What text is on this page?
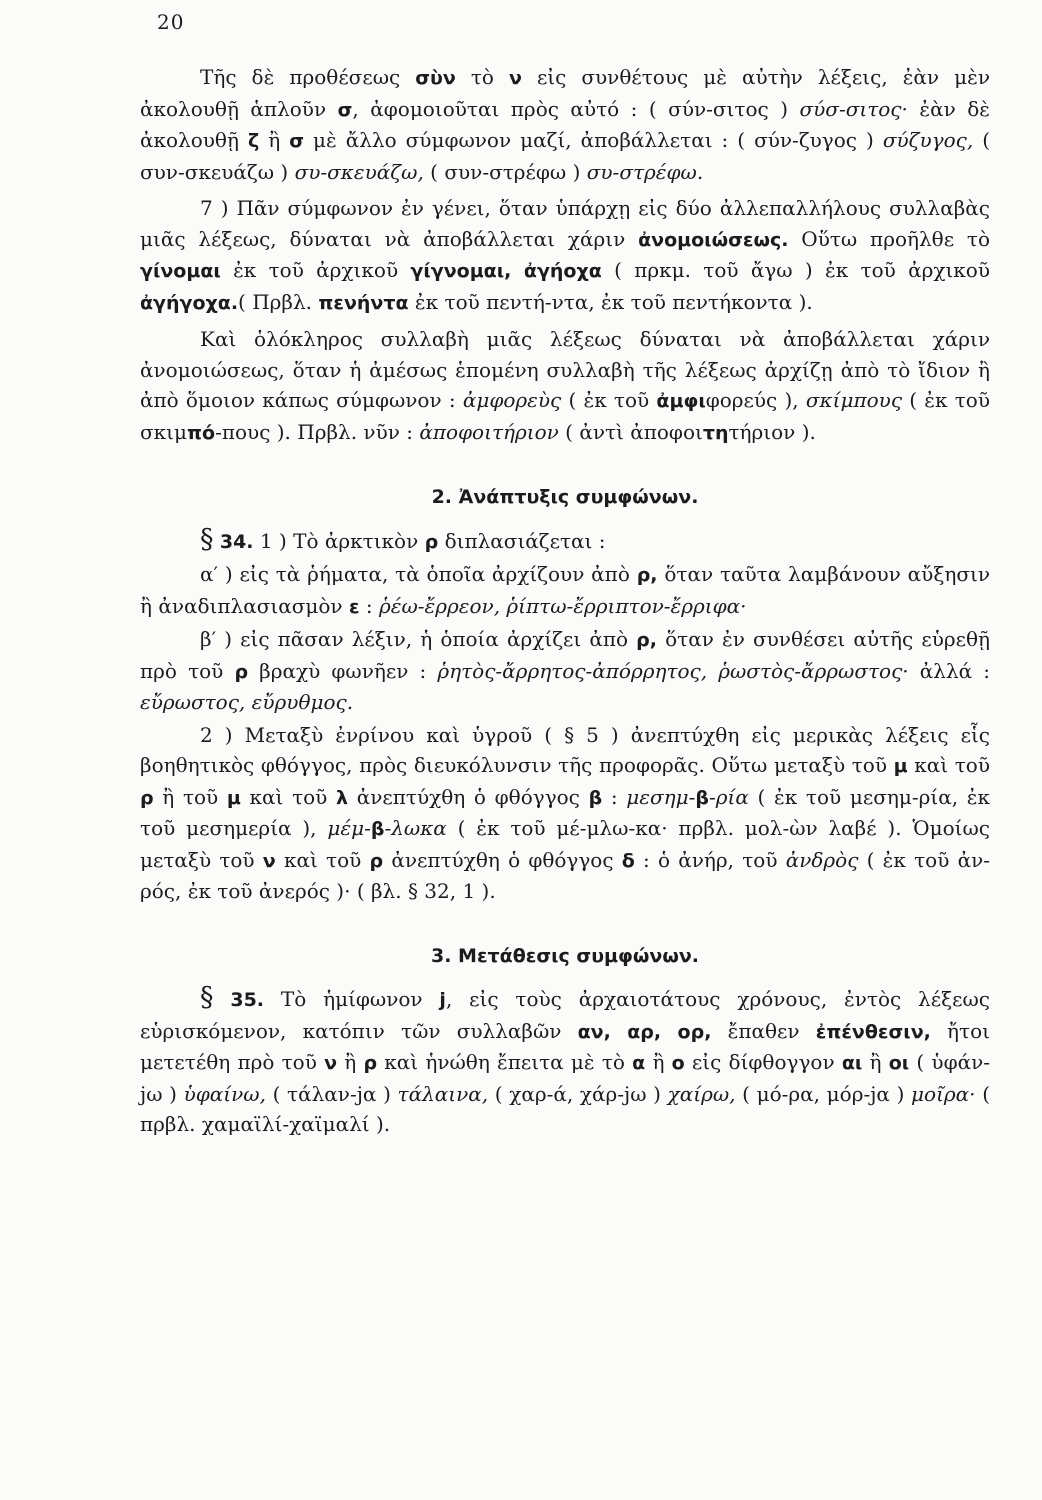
20

Τῆς δὲ προθέσεως σὺν τὸ ν εἰς συνθέτους μὲ αὐτὴν λέξεις, ἐὰν μὲν ἀκολουθῇ ἁπλοῦν σ, ἀφομοιοῦται πρὸς αὐτό : ( σύν-σιτος ) σύσ-σιτος· ἐὰν δὲ ἀκολουθῇ ζ ἢ σ μὲ ἄλλο σύμφωνον μαζί, ἀποβάλλεται : ( σύν-ζυγος ) σύζυγος, ( συν-σκευάζω ) συ-σκευάζω, ( συν-στρέφω ) συ-στρέφω.

7 ) Πᾶν σύμφωνον ἐν γένει, ὅταν ὑπάρχῃ εἰς δύο ἀλλεπαλλήλους συλλαβὰς μιᾶς λέξεως, δύναται νὰ ἀποβάλλεται χάριν ἀνομοιώσεως. Οὕτω προῆλθε τὸ γίνομαι ἐκ τοῦ ἀρχικοῦ γίγνομαι, ἀγήοχα ( πρκμ. τοῦ ἄγω ) ἐκ τοῦ ἀρχικοῦ ἀγήγοχα.( Πρβλ. πενήντα ἐκ τοῦ πεντή-ντα, ἐκ τοῦ πεντήκοντα ).

Καὶ ὁλόκληρος συλλαβὴ μιᾶς λέξεως δύναται νὰ ἀποβάλλεται χάριν ἀνομοιώσεως, ὅταν ἡ ἀμέσως ἑπομένη συλλαβὴ τῆς λέξεως ἀρχίζῃ ἀπὸ τὸ ἴδιον ἢ ἀπὸ ὅμοιον κάπως σύμφωνον : ἀμφορεὺς ( ἐκ τοῦ ἀμφιφορεύς ), σκίμπους ( ἐκ τοῦ σκιμπό-πους ). Πρβλ. νῦν : ἀποφοιτήριον ( ἀντὶ ἀποφοιτητήριον ).

2. Ἀνάπτυξις συμφώνων.

§ 34. 1 ) Τὸ ἀρκτικὸν ρ διπλασιάζεται :

α′ ) εἰς τὰ ῥήματα, τὰ ὁποῖα ἀρχίζουν ἀπὸ ρ, ὅταν ταῦτα λαμβάνουν αὔξησιν ἢ ἀναδιπλασιασμὸν ε : ῥέω-ἔρρεον, ῥίπτω-ἔρριπτον-ἔρριφα·

β′ ) εἰς πᾶσαν λέξιν, ἡ ὁποία ἀρχίζει ἀπὸ ρ, ὅταν ἐν συνθέσει αὐτῆς εὑρεθῇ πρὸ τοῦ ρ βραχὺ φωνῆεν : ῥητὸς-ἄρρητος-ἀπόρρητος, ῥωστὸς-ἄρρωστος· ἀλλά : εὔρωστος, εὔρυθμος.

2 ) Μεταξὺ ἐνρίνου καὶ ὑγροῦ ( § 5 ) ἀνεπτύχθη εἰς μερικὰς λέξεις εἷς βοηθητικὸς φθόγγος, πρὸς διευκόλυνσιν τῆς προφορᾶς. Οὕτω μεταξὺ τοῦ μ καὶ τοῦ ρ ἢ τοῦ μ καὶ τοῦ λ ἀνεπτύχθη ὁ φθόγγος β : μεσημ-β-ρία ( ἐκ τοῦ μεσημ-ρία, ἐκ τοῦ μεσημερία ), μέμ-β-λωκα ( ἐκ τοῦ μέ-μλω-κα· πρβλ. μολ-ὼν λαβέ ). Ὁμοίως μεταξὺ τοῦ ν καὶ τοῦ ρ ἀνεπτύχθη ὁ φθόγγος δ : ὁ ἀνήρ, τοῦ ἀνδρὸς ( ἐκ τοῦ ἀν-ρός, ἐκ τοῦ ἀνερός )· ( βλ. § 32, 1 ).

3. Μετάθεσις συμφώνων.

§ 35. Τὸ ἡμίφωνον j, εἰς τοὺς ἀρχαιοτάτους χρόνους, ἐντὸς λέξεως εὑρισκόμενον, κατόπιν τῶν συλλαβῶν αν, αρ, ορ, ἔπαθεν ἐπένθεσιν, ἤτοι μετετέθη πρὸ τοῦ ν ἢ ρ καὶ ἡνώθη ἔπειτα μὲ τὸ α ἢ ο εἰς δίφθογγον αι ἢ οι ( ὑφάν-jω ) ὑφαίνω, ( τάλαν-jα ) τάλαινα, ( χαρ-ά, χάρ-jω ) χαίρω, ( μό-ρα, μόρ-jα ) μοῖρα· ( πρβλ. χαμαϊλί-χαϊμαλί ).
